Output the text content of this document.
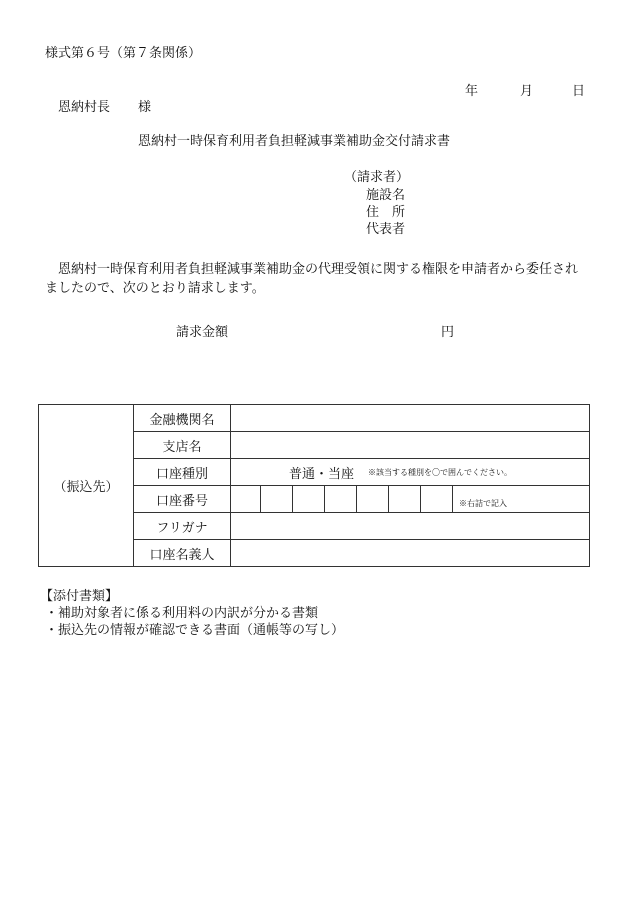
様式第６号（第７条関係）
年	月	日
恩納村長 様
恩納村一時保育利用者負担軽減事業補助金交付請求書
（請求者）
施設名
住　所
代表者
恩納村一時保育利用者負担軽減事業補助金の代理受領に関する権限を申請者から委任されましたので、次のとおり請求します。
請求金額	円
（振込先）	金融機関名	
	支店名	
	口座種別	普通・当座 ※該当する種別を〇で囲んでください。

	口座番号	※右詰で記入

	フリガナ	
	口座名義人	
【添付書類】
・補助対象者に係る利用料の内訳が分かる書類
・振込先の情報が確認できる書面（通帳等の写し）
